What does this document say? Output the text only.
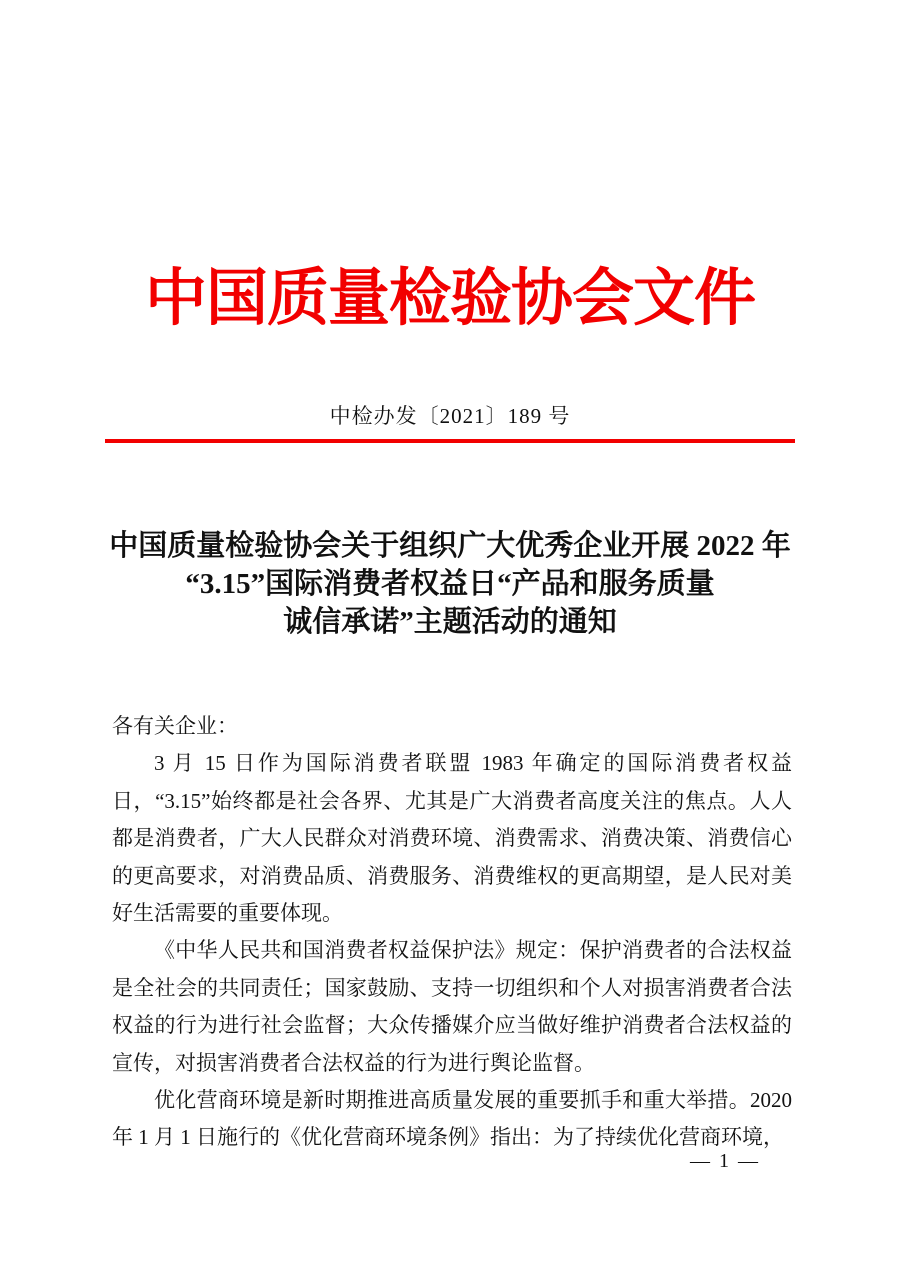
中国质量检验协会文件
中检办发〔2021〕189 号
中国质量检验协会关于组织广大优秀企业开展 2022 年
“3.15”国际消费者权益日“产品和服务质量
诚信承诺”主题活动的通知

各有关企业：

3 月 15 日作为国际消费者联盟 1983 年确定的国际消费者权益日，“3.15”始终都是社会各界、尤其是广大消费者高度关注的焦点。人人都是消费者，广大人民群众对消费环境、消费需求、消费决策、消费信心的更高要求，对消费品质、消费服务、消费维权的更高期望，是人民对美好生活需要的重要体现。

《中华人民共和国消费者权益保护法》规定：保护消费者的合法权益是全社会的共同责任；国家鼓励、支持一切组织和个人对损害消费者合法权益的行为进行社会监督；大众传播媒介应当做好维护消费者合法权益的宣传，对损害消费者合法权益的行为进行舆论监督。

优化营商环境是新时期推进高质量发展的重要抓手和重大举措。2020 年 1 月 1 日施行的《优化营商环境条例》指出：为了持续优化营商环境，

— 1 —
